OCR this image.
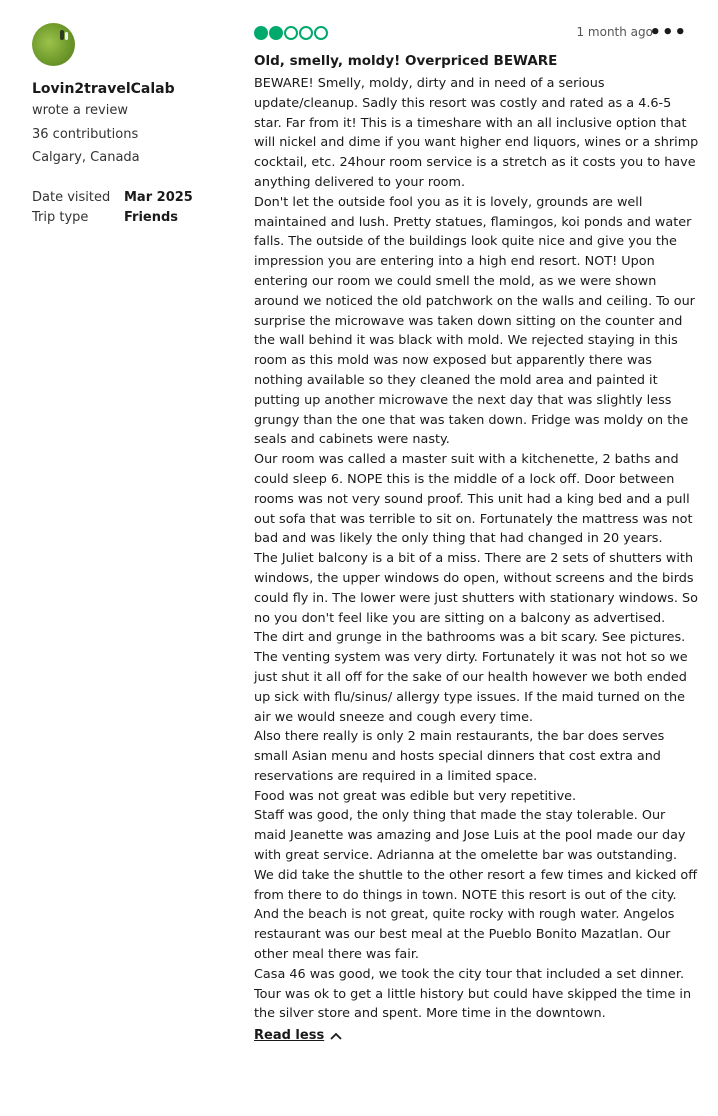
Lovin2travelCalab
wrote a review
36 contributions
Calgary, Canada
Date visited	Mar 2025
Trip type	Friends
1 month ago
•••
Old, smelly, moldy! Overpriced BEWARE

BEWARE! Smelly, moldy, dirty and in need of a serious update/cleanup. Sadly this resort was costly and rated as a 4.6-5 star. Far from it! This is a timeshare with an all inclusive option that will nickel and dime if you want higher end liquors, wines or a shrimp cocktail, etc. 24hour room service is a stretch as it costs you to have anything delivered to your room.

Don't let the outside fool you as it is lovely, grounds are well maintained and lush. Pretty statues, flamingos, koi ponds and water falls. The outside of the buildings look quite nice and give you the impression you are entering into a high end resort. NOT! Upon entering our room we could smell the mold, as we were shown around we noticed the old patchwork on the walls and ceiling. To our surprise the microwave was taken down sitting on the counter and the wall behind it was black with mold. We rejected staying in this room as this mold was now exposed but apparently there was nothing available so they cleaned the mold area and painted it putting up another microwave the next day that was slightly less grungy than the one that was taken down. Fridge was moldy on the seals and cabinets were nasty.

Our room was called a master suit with a kitchenette, 2 baths and could sleep 6. NOPE this is the middle of a lock off. Door between rooms was not very sound proof. This unit had a king bed and a pull out sofa that was terrible to sit on. Fortunately the mattress was not bad and was likely the only thing that had changed in 20 years.

The Juliet balcony is a bit of a miss. There are 2 sets of shutters with windows, the upper windows do open, without screens and the birds could fly in. The lower were just shutters with stationary windows. So no you don't feel like you are sitting on a balcony as advertised.

The dirt and grunge in the bathrooms was a bit scary. See pictures. The venting system was very dirty. Fortunately it was not hot so we just shut it all off for the sake of our health however we both ended up sick with flu/sinus/ allergy type issues. If the maid turned on the air we would sneeze and cough every time.

Also there really is only 2 main restaurants, the bar does serves small Asian menu and hosts special dinners that cost extra and reservations are required in a limited space.

Food was not great was edible but very repetitive.

Staff was good, the only thing that made the stay tolerable. Our maid Jeanette was amazing and Jose Luis at the pool made our day with great service. Adrianna at the omelette bar was outstanding.

We did take the shuttle to the other resort a few times and kicked off from there to do things in town. NOTE this resort is out of the city. And the beach is not great, quite rocky with rough water. Angelos restaurant was our best meal at the Pueblo Bonito Mazatlan. Our other meal there was fair.

Casa 46 was good, we took the city tour that included a set dinner. Tour was ok to get a little history but could have skipped the time in the silver store and spent. More time in the downtown.

Read less
